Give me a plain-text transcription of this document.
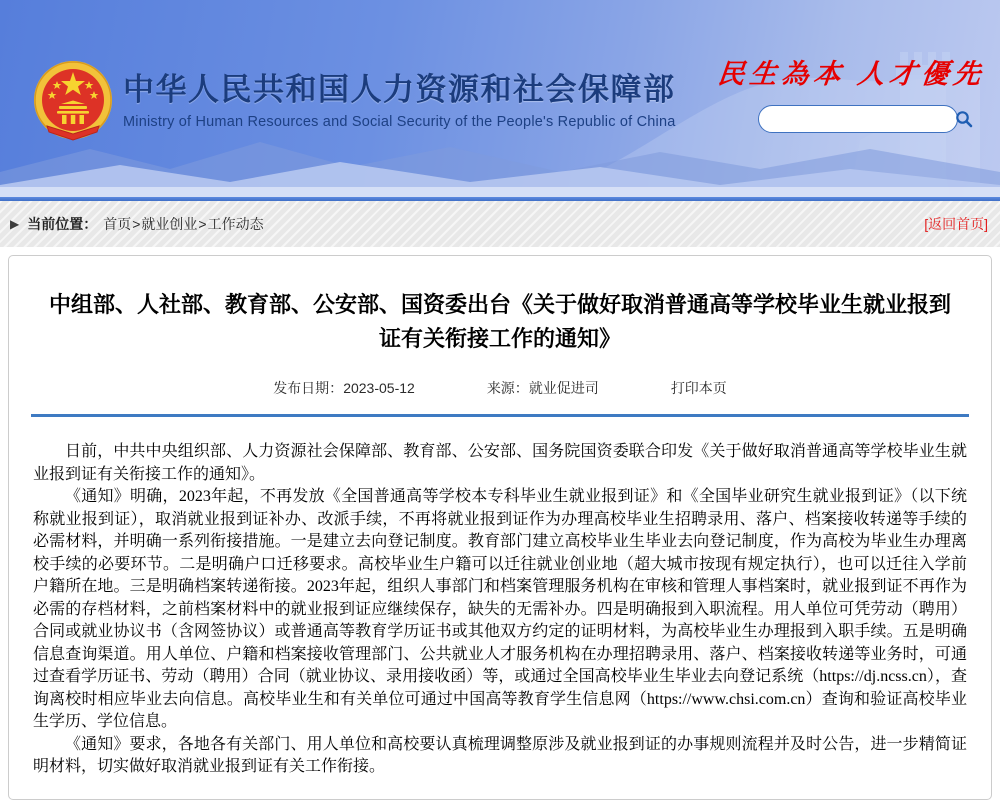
中华人民共和国人力资源和社会保障部
Ministry of Human Resources and Social Security of the People's Republic of China
民生為本 人才優先
▶ 当前位置： 首页 > 就业创业 > 工作动态	[返回首页]
中组部、人社部、教育部、公安部、国资委出台《关于做好取消普通高等学校毕业生就业报到证有关衔接工作的通知》
发布日期：2023-05-12	来源：就业促进司	打印本页

日前，中共中央组织部、人力资源社会保障部、教育部、公安部、国务院国资委联合印发《关于做好取消普通高等学校毕业生就业报到证有关衔接工作的通知》。

《通知》明确，2023年起，不再发放《全国普通高等学校本专科毕业生就业报到证》和《全国毕业研究生就业报到证》（以下统称就业报到证），取消就业报到证补办、改派手续，不再将就业报到证作为办理高校毕业生招聘录用、落户、档案接收转递等手续的必需材料，并明确一系列衔接措施。一是建立去向登记制度。教育部门建立高校毕业生毕业去向登记制度，作为高校为毕业生办理离校手续的必要环节。二是明确户口迁移要求。高校毕业生户籍可以迁往就业创业地（超大城市按现有规定执行），也可以迁往入学前户籍所在地。三是明确档案转递衔接。2023年起，组织人事部门和档案管理服务机构在审核和管理人事档案时，就业报到证不再作为必需的存档材料，之前档案材料中的就业报到证应继续保存，缺失的无需补办。四是明确报到入职流程。用人单位可凭劳动（聘用）合同或就业协议书（含网签协议）或普通高等教育学历证书或其他双方约定的证明材料，为高校毕业生办理报到入职手续。五是明确信息查询渠道。用人单位、户籍和档案接收管理部门、公共就业人才服务机构在办理招聘录用、落户、档案接收转递等业务时，可通过查看学历证书、劳动（聘用）合同（就业协议、录用接收函）等，或通过全国高校毕业生毕业去向登记系统（https://dj.ncss.cn），查询离校时相应毕业去向信息。高校毕业生和有关单位可通过中国高等教育学生信息网（https://www.chsi.com.cn）查询和验证高校毕业生学历、学位信息。

《通知》要求，各地各有关部门、用人单位和高校要认真梳理调整原涉及就业报到证的办事规则流程并及时公告，进一步精简证明材料，切实做好取消就业报到证有关工作衔接。
